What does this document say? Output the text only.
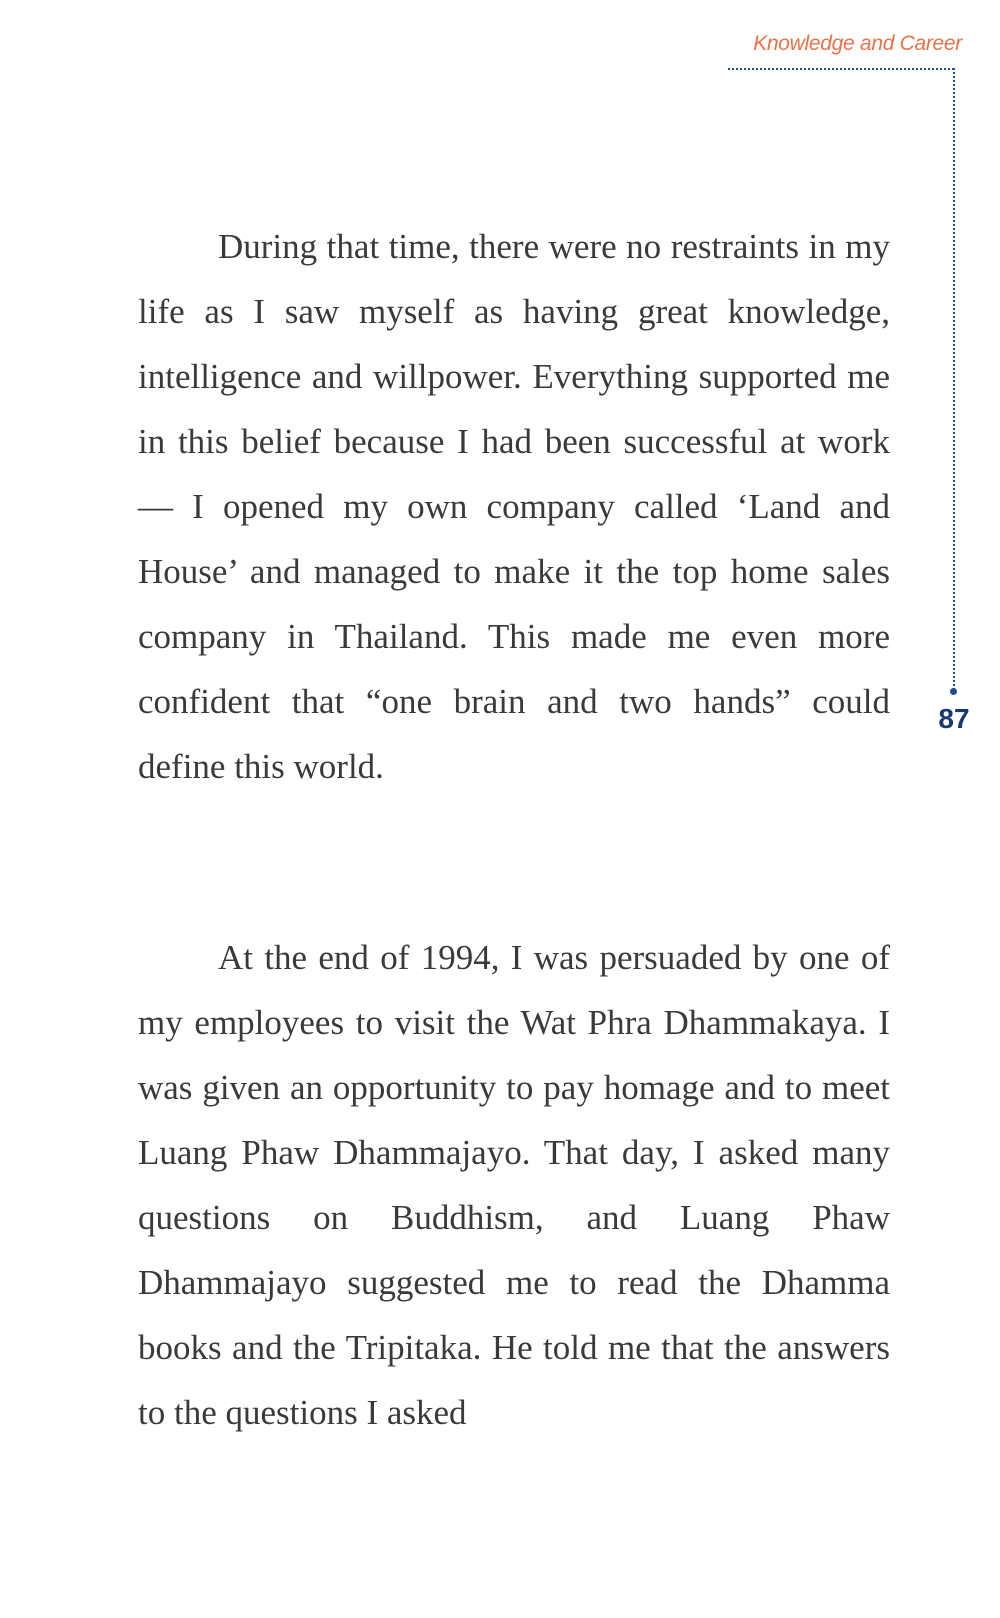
Knowledge and Career
87

During that time, there were no restraints in my life as I saw myself as having great knowledge, intelligence and willpower. Everything supported me in this belief because I had been successful at work — I opened my own company called ‘Land and House’ and managed to make it the top home sales company in Thailand. This made me even more confident that “one brain and two hands” could define this world.

At the end of 1994, I was persuaded by one of my employees to visit the Wat Phra Dhammakaya. I was given an opportunity to pay homage and to meet Luang Phaw Dhammajayo. That day, I asked many questions on Buddhism, and Luang Phaw Dhammajayo suggested me to read the Dhamma books and the Tripitaka. He told me that the answers to the questions I asked
